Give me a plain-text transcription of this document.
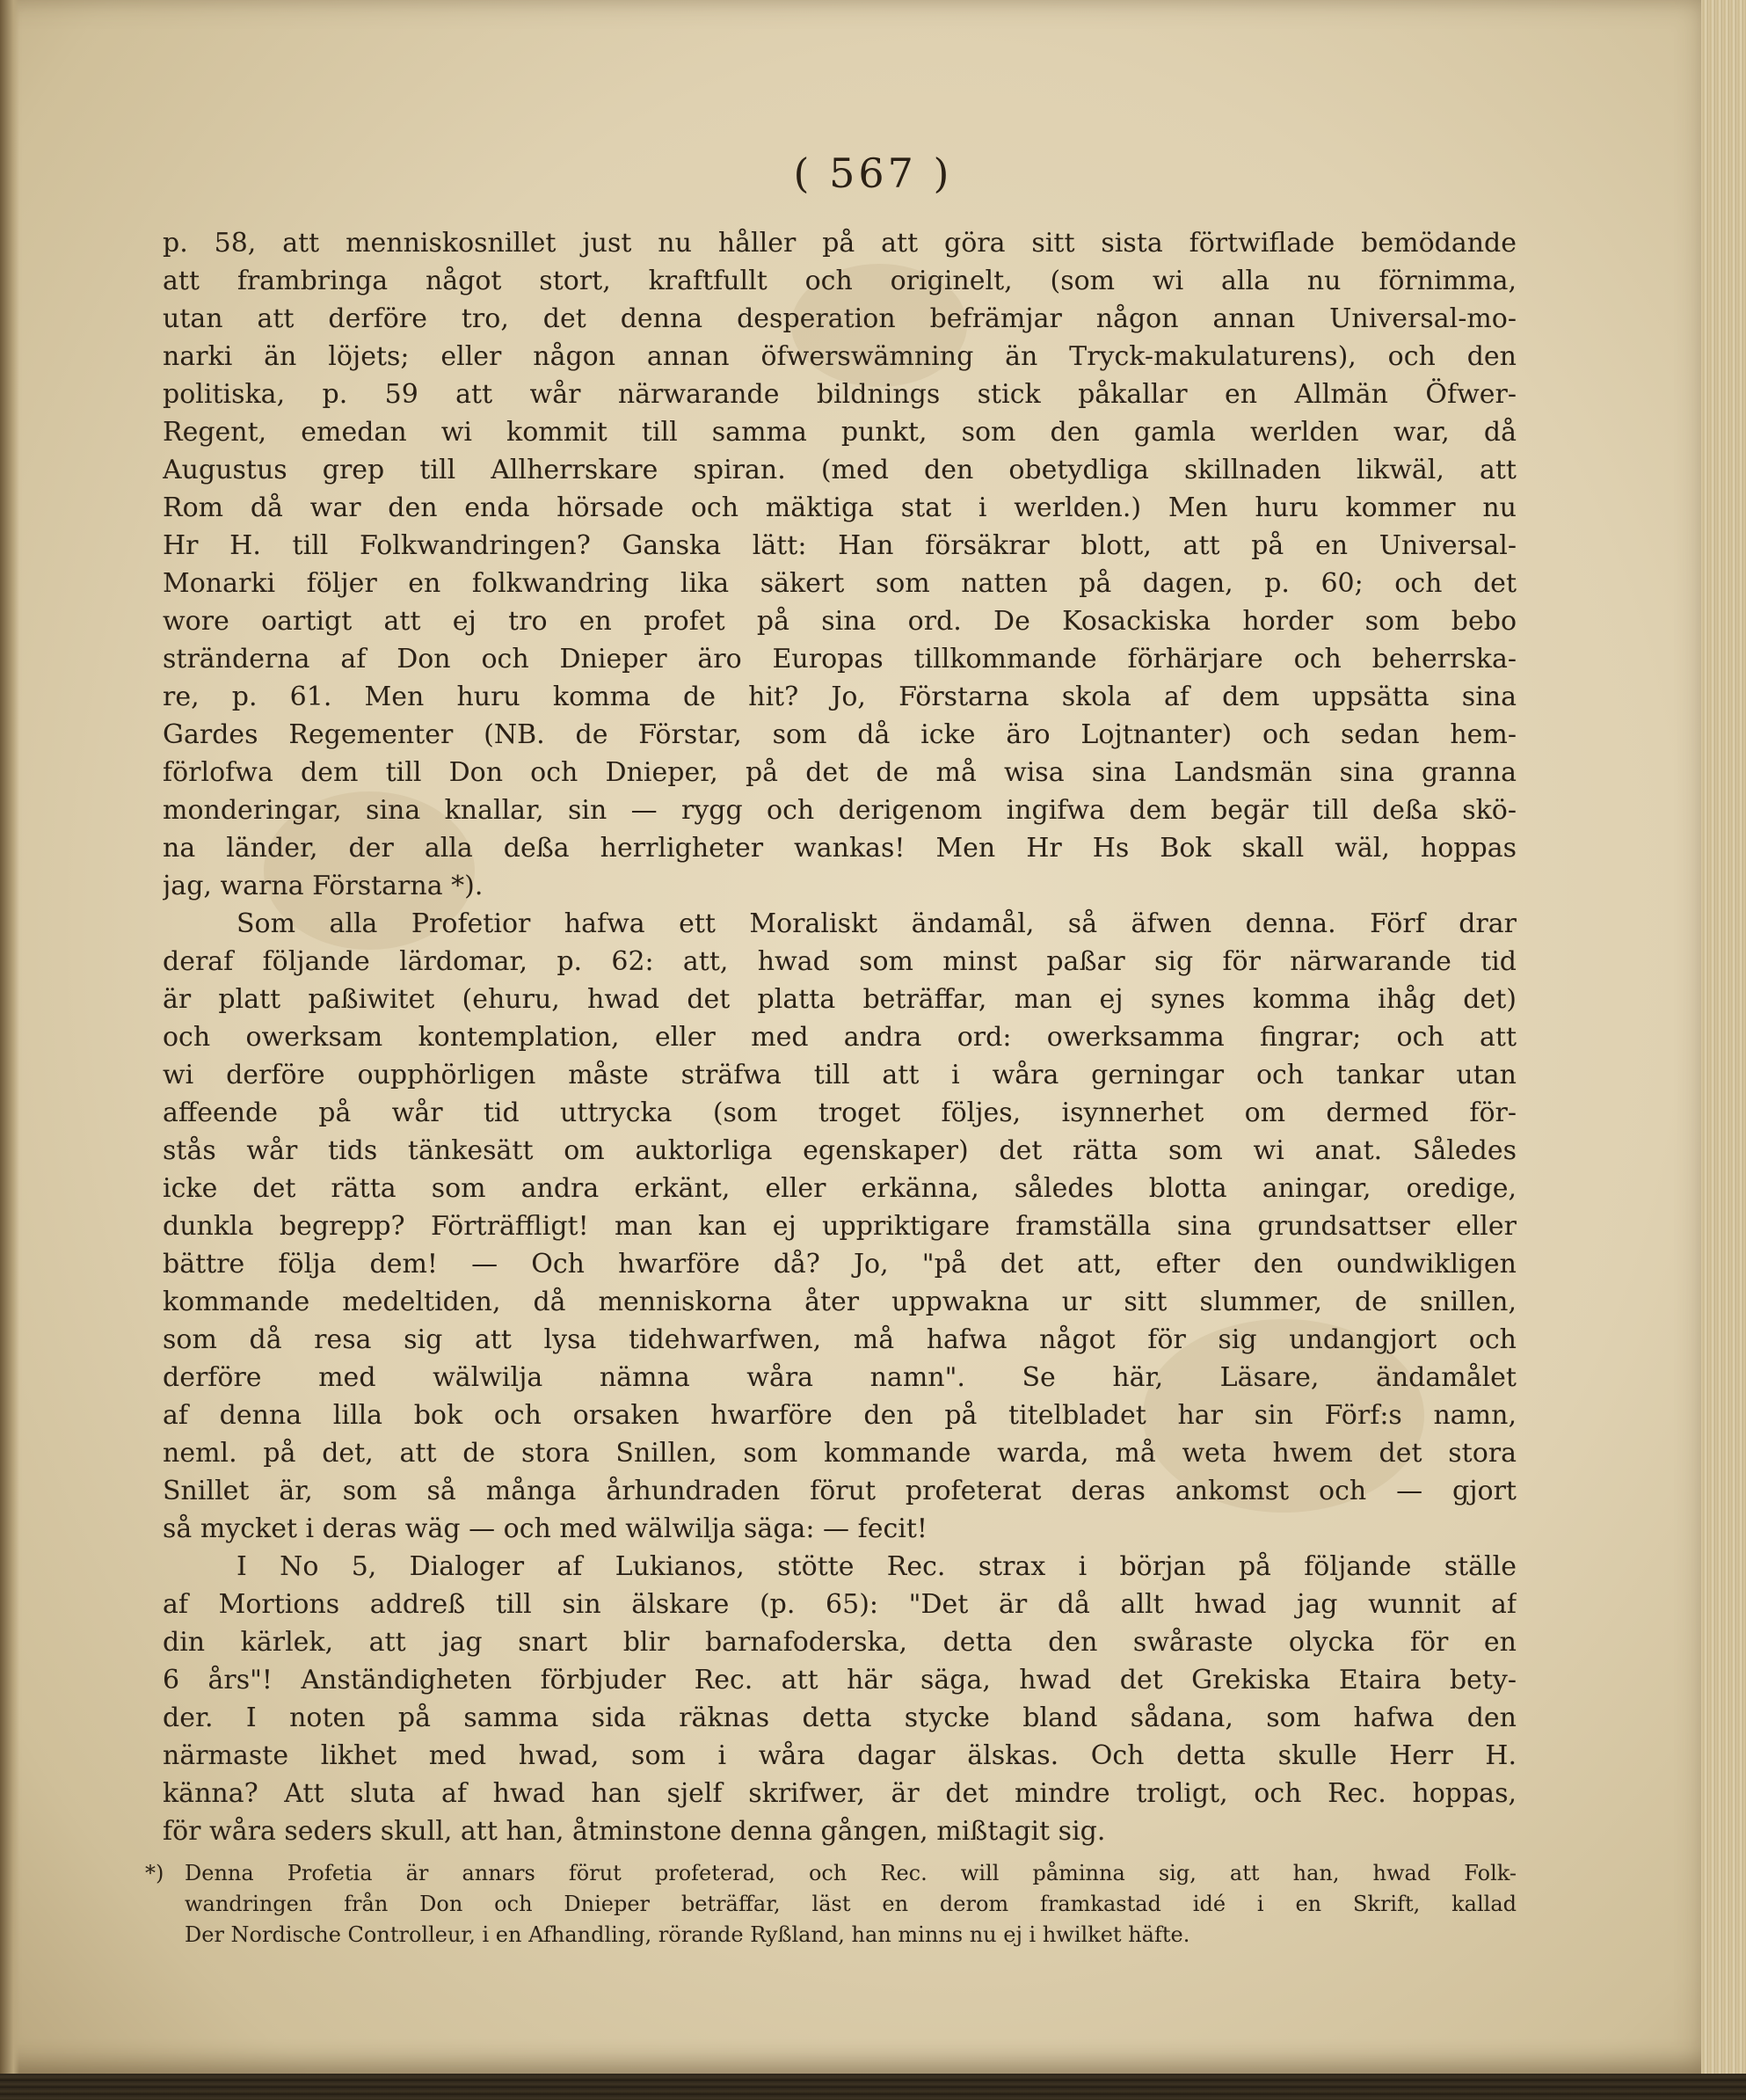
( 567 )

p. 58, att menniskosnillet just nu håller på att göra sitt sista förtwiflade bemödande

att frambringa något stort, kraftfullt och originelt, (som wi alla nu förnimma,

utan att derföre tro, det denna desperation befrämjar någon annan Universal-mo-

narki än löjets; eller någon annan öfwerswämning än Tryck-makulaturens), och den

politiska, p. 59 att wår närwarande bildnings stick påkallar en Allmän Öfwer-

Regent, emedan wi kommit till samma punkt, som den gamla werlden war, då

Augustus grep till Allherrskare spiran. (med den obetydliga skillnaden likwäl, att

Rom då war den enda hörsade och mäktiga stat i werlden.) Men huru kommer nu

Hr H. till Folkwandringen? Ganska lätt: Han försäkrar blott, att på en Universal-

Monarki följer en folkwandring lika säkert som natten på dagen, p. 60; och det

wore oartigt att ej tro en profet på sina ord. De Kosackiska horder som bebo

stränderna af Don och Dnieper äro Europas tillkommande förhärjare och beherrska-

re, p. 61. Men huru komma de hit? Jo, Förstarna skola af dem uppsätta sina

Gardes Regementer (NB. de Förstar, som då icke äro Lojtnanter) och sedan hem-

förlofwa dem till Don och Dnieper, på det de må wisa sina Landsmän sina granna

monderingar, sina knallar, sin — rygg och derigenom ingifwa dem begär till deßa skö-

na länder, der alla deßa herrligheter wankas! Men Hr Hs Bok skall wäl, hoppas

jag, warna Förstarna *).

Som alla Profetior hafwa ett Moraliskt ändamål, så äfwen denna. Förf drar

deraf följande lärdomar, p. 62: att, hwad som minst paßar sig för närwarande tid

är platt paßiwitet (ehuru, hwad det platta beträffar, man ej synes komma ihåg det)

och owerksam kontemplation, eller med andra ord: owerksamma fingrar; och att

wi derföre oupphörligen måste sträfwa till att i wåra gerningar och tankar utan

affeende på wår tid uttrycka (som troget följes, isynnerhet om dermed för-

stås wår tids tänkesätt om auktorliga egenskaper) det rätta som wi anat. Således

icke det rätta som andra erkänt, eller erkänna, således blotta aningar, oredige,

dunkla begrepp? Förträffligt! man kan ej uppriktigare framställa sina grundsattser eller

bättre följa dem! — Och hwarföre då? Jo, "på det att, efter den oundwikligen

kommande medeltiden, då menniskorna åter uppwakna ur sitt slummer, de snillen,

som då resa sig att lysa tidehwarfwen, må hafwa något för sig undangjort och

derföre med wälwilja nämna wåra namn". Se här, Läsare, ändamålet

af denna lilla bok och orsaken hwarföre den på titelbladet har sin Förf:s namn,

neml. på det, att de stora Snillen, som kommande warda, må weta hwem det stora

Snillet är, som så många århundraden förut profeterat deras ankomst och — gjort

så mycket i deras wäg — och med wälwilja säga: — fecit!

I No 5, Dialoger af Lukianos, stötte Rec. strax i början på följande ställe

af Mortions addreß till sin älskare (p. 65): "Det är då allt hwad jag wunnit af

din kärlek, att jag snart blir barnafoderska, detta den swåraste olycka för en

6 års"! Anständigheten förbjuder Rec. att här säga, hwad det Grekiska Etaira bety-

der. I noten på samma sida räknas detta stycke bland sådana, som hafwa den

närmaste likhet med hwad, som i wåra dagar älskas. Och detta skulle Herr H.

känna? Att sluta af hwad han sjelf skrifwer, är det mindre troligt, och Rec. hoppas,

för wåra seders skull, att han, åtminstone denna gången, mißtagit sig.

*) Denna Profetia är annars förut profeterad, och Rec. will påminna sig, att han, hwad Folk-

wandringen från Don och Dnieper beträffar, läst en derom framkastad idé i en Skrift, kallad

Der Nordische Controlleur, i en Afhandling, rörande Ryßland, han minns nu ej i hwilket häfte.
